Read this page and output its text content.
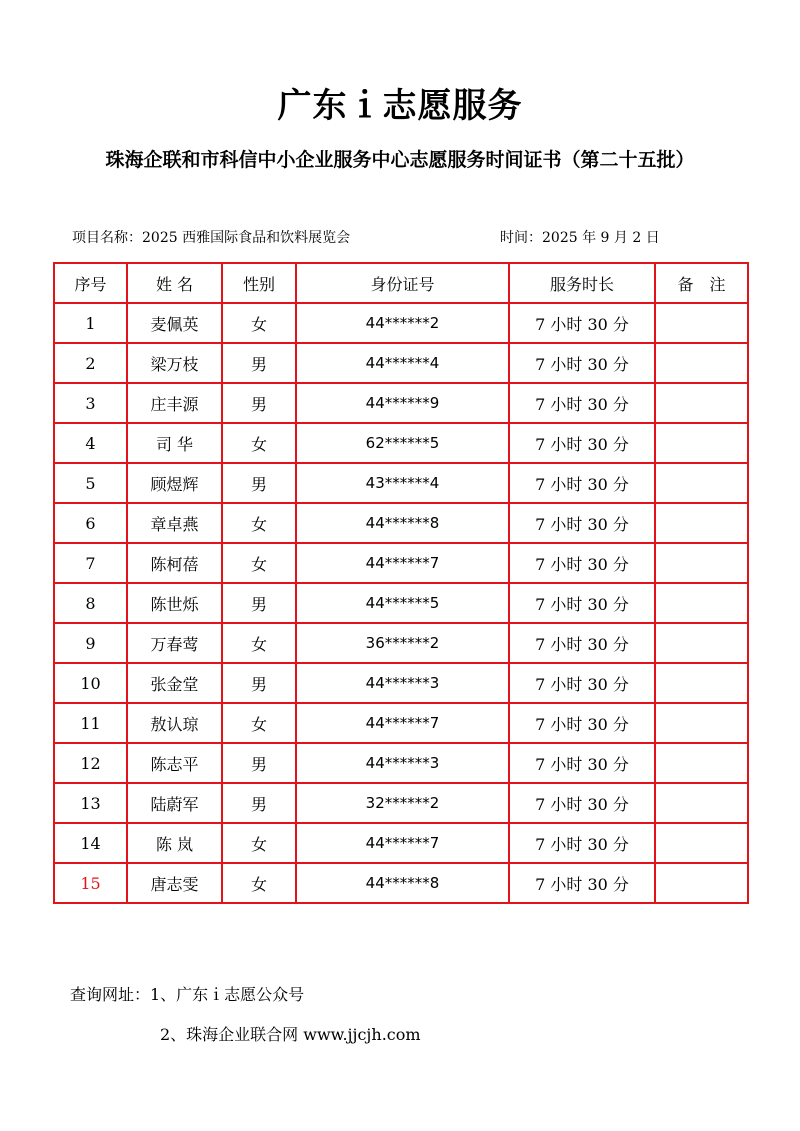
广东ｉ志愿服务
珠海企联和市科信中小企业服务中心志愿服务时间证书（第二十五批）
项目名称：2025 西雅国际食品和饮料展览会	时间：2025 年 9 月 2 日
序号	姓 名	性别	身份证号	服务时长	备　注
1	麦佩英	女	44******2	7 小时 30 分	
2	梁万枝	男	44******4	7 小时 30 分	
3	庄丰源	男	44******9	7 小时 30 分	
4	司 华	女	62******5	7 小时 30 分	
5	顾煜辉	男	43******4	7 小时 30 分	
6	章卓燕	女	44******8	7 小时 30 分	
7	陈柯蓓	女	44******7	7 小时 30 分	
8	陈世烁	男	44******5	7 小时 30 分	
9	万春莺	女	36******2	7 小时 30 分	
10	张金堂	男	44******3	7 小时 30 分	
11	敖认琼	女	44******7	7 小时 30 分	
12	陈志平	男	44******3	7 小时 30 分	
13	陆蔚军	男	32******2	7 小时 30 分	
14	陈 岚	女	44******7	7 小时 30 分	
15	唐志雯	女	44******8	7 小时 30 分	
查询网址：1、广东ｉ志愿公众号
2、珠海企业联合网 www.jjcjh.com
